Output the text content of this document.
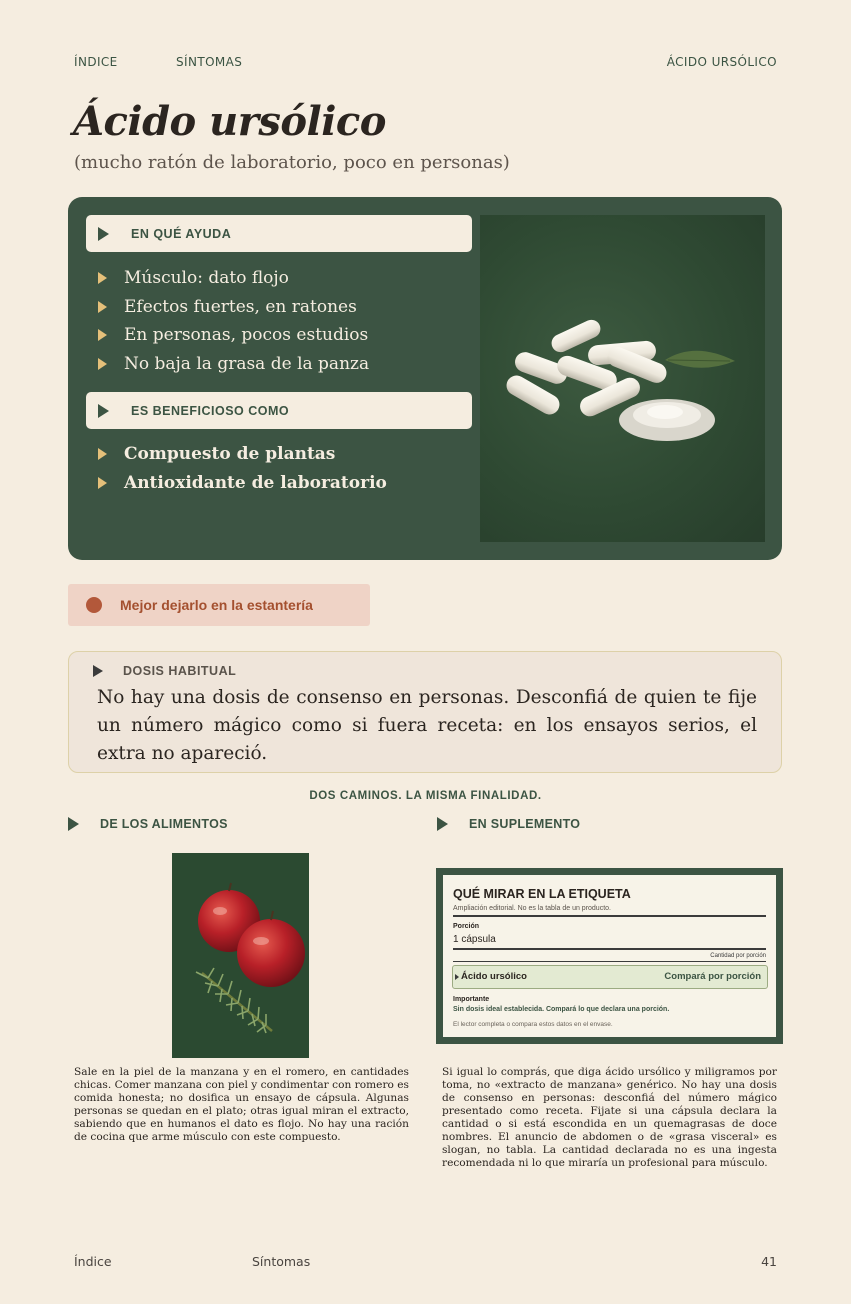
ÍNDICE	SÍNTOMAS	ÁCIDO URSÓLICO
Ácido ursólico
(mucho ratón de laboratorio, poco en personas)
EN QUÉ AYUDA
Músculo: dato flojo
Efectos fuertes, en ratones
En personas, pocos estudios
No baja la grasa de la panza
ES BENEFICIOSO COMO
Compuesto de plantas
Antioxidante de laboratorio
Mejor dejarlo en la estantería
DOSIS HABITUAL
No hay una dosis de consenso en personas. Desconfiá de quien te fije un número mágico como si fuera receta: en los ensayos serios, el extra no apareció.
DOS CAMINOS. LA MISMA FINALIDAD.
DE LOS ALIMENTOS	EN SUPLEMENTO
QUÉ MIRAR EN LA ETIQUETA
Ampliación editorial. No es la tabla de un producto.
Porción
1 cápsula
Cantidad por porción
Ácido ursólico	Compará por porción
Importante
Sin dosis ideal establecida. Compará lo que declara una porción.
El lector completa o compara estos datos en el envase.
Sale en la piel de la manzana y en el romero, en cantidades chicas. Comer manzana con piel y condimentar con romero es comida honesta; no dosifica un ensayo de cápsula. Algunas personas se quedan en el plato; otras igual miran el extracto, sabiendo que en humanos el dato es flojo. No hay una ración de cocina que arme músculo con este compuesto.
Si igual lo comprás, que diga ácido ursólico y miligramos por toma, no «extracto de manzana» genérico. No hay una dosis de consenso en personas: desconfiá del número mágico presentado como receta. Fijate si una cápsula declara la cantidad o si está escondida en un quemagrasas de doce nombres. El anuncio de abdomen o de «grasa visceral» es slogan, no tabla. La cantidad declarada no es una ingesta recomendada ni lo que miraría un profesional para músculo.
Índice	Síntomas	41
